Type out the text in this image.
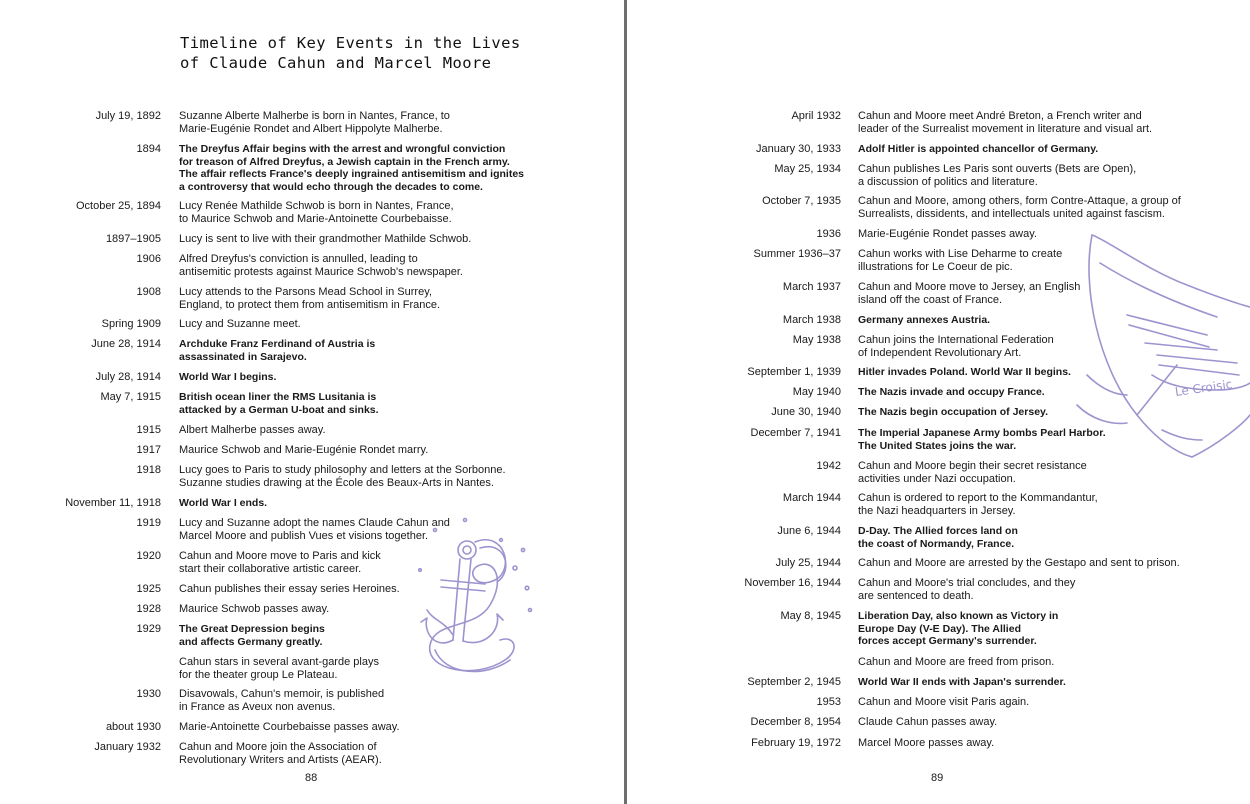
Timeline of Key Events in the Lives
of Claude Cahun and Marcel Moore
July 19, 1892 Suzanne Alberte Malherbe is born in Nantes, France, to
Marie-Eugénie Rondet and Albert Hippolyte Malherbe.
1894 The Dreyfus Affair begins with the arrest and wrongful conviction
for treason of Alfred Dreyfus, a Jewish captain in the French army.
The affair reflects France's deeply ingrained antisemitism and ignites
a controversy that would echo through the decades to come.
October 25, 1894 Lucy Renée Mathilde Schwob is born in Nantes, France,
to Maurice Schwob and Marie-Antoinette Courbebaisse.
1897–1905 Lucy is sent to live with their grandmother Mathilde Schwob.
1906 Alfred Dreyfus's conviction is annulled, leading to
antisemitic protests against Maurice Schwob's newspaper.
1908 Lucy attends to the Parsons Mead School in Surrey,
England, to protect them from antisemitism in France.
Spring 1909 Lucy and Suzanne meet.
June 28, 1914 Archduke Franz Ferdinand of Austria is
assassinated in Sarajevo.
July 28, 1914 World War I begins.
May 7, 1915 British ocean liner the RMS Lusitania is
attacked by a German U-boat and sinks.
1915 Albert Malherbe passes away.
1917 Maurice Schwob and Marie-Eugénie Rondet marry.
1918 Lucy goes to Paris to study philosophy and letters at the Sorbonne.
Suzanne studies drawing at the École des Beaux-Arts in Nantes.
November 11, 1918 World War I ends.
1919 Lucy and Suzanne adopt the names Claude Cahun and
Marcel Moore and publish Vues et visions together.
1920 Cahun and Moore move to Paris and kick
start their collaborative artistic career.
1925 Cahun publishes their essay series Heroines.
1928 Maurice Schwob passes away.
1929 The Great Depression begins
and affects Germany greatly.
Cahun stars in several avant-garde plays
for the theater group Le Plateau.
1930 Disavowals, Cahun's memoir, is published
in France as Aveux non avenus.
about 1930 Marie-Antoinette Courbebaisse passes away.
January 1932 Cahun and Moore join the Association of
Revolutionary Writers and Artists (AEAR).
88
Le Croisic
April 1932 Cahun and Moore meet André Breton, a French writer and
leader of the Surrealist movement in literature and visual art.
January 30, 1933 Adolf Hitler is appointed chancellor of Germany.
May 25, 1934 Cahun publishes Les Paris sont ouverts (Bets are Open),
a discussion of politics and literature.
October 7, 1935 Cahun and Moore, among others, form Contre-Attaque, a group of
Surrealists, dissidents, and intellectuals united against fascism.
1936 Marie-Eugénie Rondet passes away.
Summer 1936–37 Cahun works with Lise Deharme to create
illustrations for Le Coeur de pic.
March 1937 Cahun and Moore move to Jersey, an English
island off the coast of France.
March 1938 Germany annexes Austria.
May 1938 Cahun joins the International Federation
of Independent Revolutionary Art.
September 1, 1939 Hitler invades Poland. World War II begins.
May 1940 The Nazis invade and occupy France.
June 30, 1940 The Nazis begin occupation of Jersey.
December 7, 1941 The Imperial Japanese Army bombs Pearl Harbor.
The United States joins the war.
1942 Cahun and Moore begin their secret resistance
activities under Nazi occupation.
March 1944 Cahun is ordered to report to the Kommandantur,
the Nazi headquarters in Jersey.
June 6, 1944 D-Day. The Allied forces land on
the coast of Normandy, France.
July 25, 1944 Cahun and Moore are arrested by the Gestapo and sent to prison.
November 16, 1944 Cahun and Moore's trial concludes, and they
are sentenced to death.
May 8, 1945 Liberation Day, also known as Victory in
Europe Day (V-E Day). The Allied
forces accept Germany's surrender.
Cahun and Moore are freed from prison.
September 2, 1945 World War II ends with Japan's surrender.
1953 Cahun and Moore visit Paris again.
December 8, 1954 Claude Cahun passes away.
February 19, 1972 Marcel Moore passes away.
89
